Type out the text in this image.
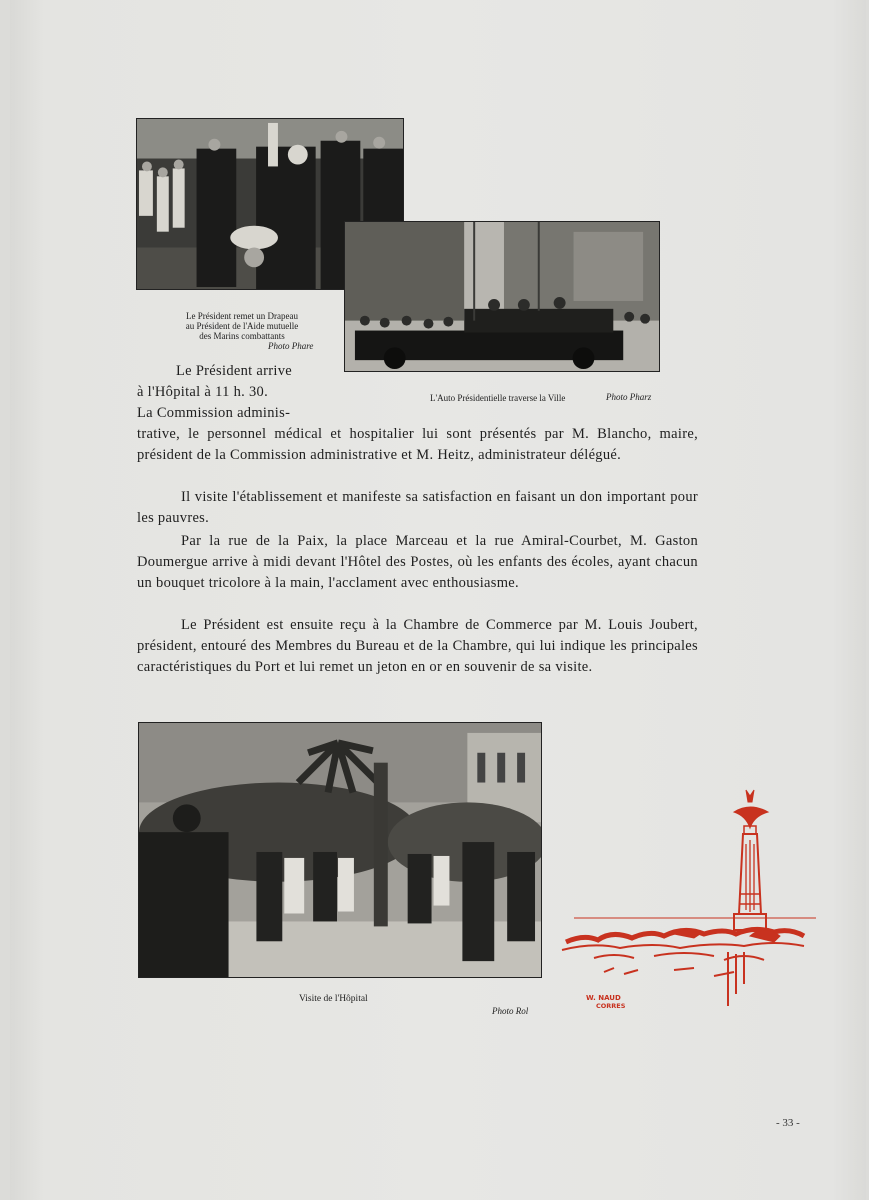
Le Président remet un Drapeau
au Président de l'Aide mutuelle
des Marins combattants
Photo Phare
L'Auto Présidentielle traverse la Ville	Photo Pharz
Le Président arrive
à l'Hôpital à 11 h. 30.
La Commission adminis-

trative, le personnel médical et hospitalier lui sont présentés par M. Blancho, maire, président de la Commission administrative et M. Heitz, administrateur délégué.

Il visite l'établissement et manifeste sa satisfaction en faisant un don important pour les pauvres.

Par la rue de la Paix, la place Marceau et la rue Amiral-Courbet, M. Gaston Doumergue arrive à midi devant l'Hôtel des Postes, où les enfants des écoles, ayant chacun un bouquet tricolore à la main, l'acclament avec enthousiasme.

Le Président est ensuite reçu à la Chambre de Commerce par M. Louis Joubert, président, entouré des Membres du Bureau et de la Chambre, qui lui indique les principales caractéristiques du Port et lui remet un jeton en or en souvenir de sa visite.

Visite de l'Hôpital
Photo Rol
W. NAUD
CORRES
- 33 -
